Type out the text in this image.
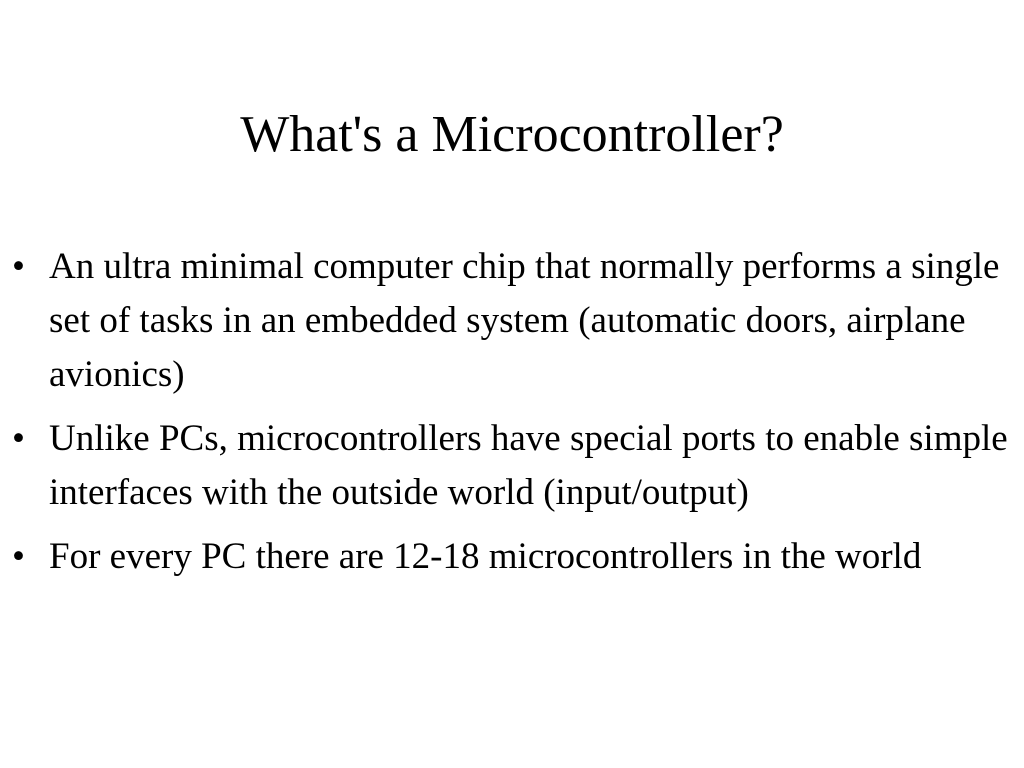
What's a Microcontroller?
• An ultra minimal computer chip that normally performs a single set of tasks in an embedded system (automatic doors, airplane avionics)
• Unlike PCs, microcontrollers have special ports to enable simple interfaces with the outside world (input/output)
• For every PC there are 12-18 microcontrollers in the world
